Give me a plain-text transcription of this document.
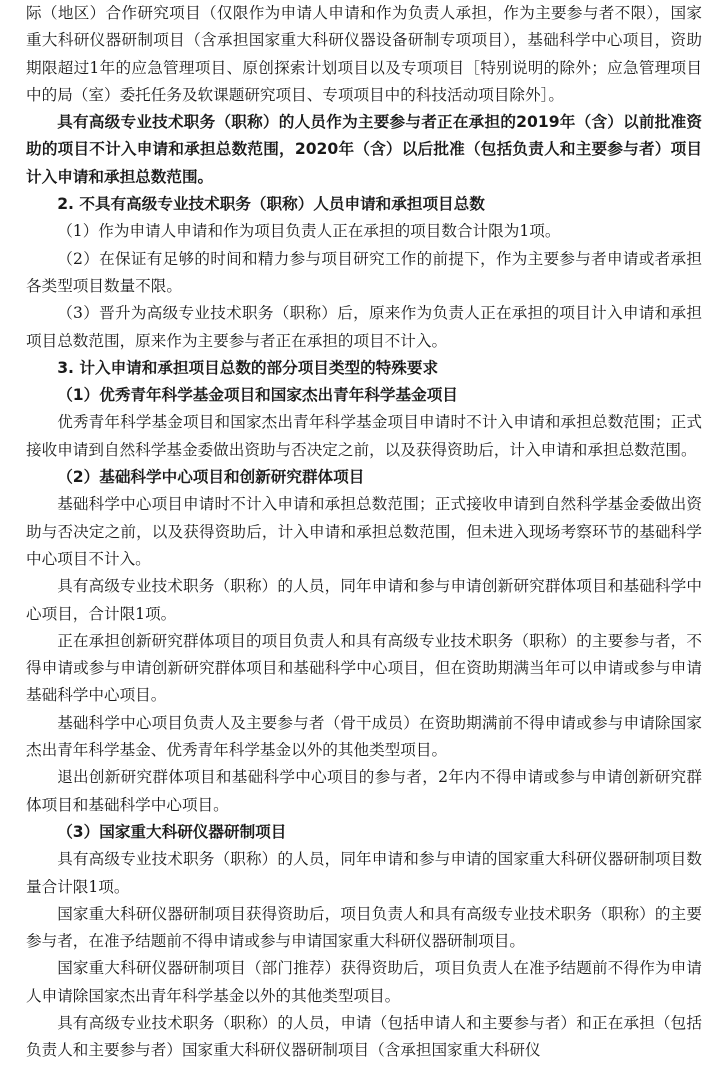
际（地区）合作研究项目（仅限作为申请人申请和作为负责人承担，作为主要参与者不限），国家重大科研仪器研制项目（含承担国家重大科研仪器设备研制专项项目），基础科学中心项目，资助期限超过1年的应急管理项目、原创探索计划项目以及专项项目［特别说明的除外；应急管理项目中的局（室）委托任务及软课题研究项目、专项项目中的科技活动项目除外］。

具有高级专业技术职务（职称）的人员作为主要参与者正在承担的2019年（含）以前批准资助的项目不计入申请和承担总数范围，2020年（含）以后批准（包括负责人和主要参与者）项目计入申请和承担总数范围。

2. 不具有高级专业技术职务（职称）人员申请和承担项目总数

（1）作为申请人申请和作为项目负责人正在承担的项目数合计限为1项。

（2）在保证有足够的时间和精力参与项目研究工作的前提下，作为主要参与者申请或者承担各类型项目数量不限。

（3）晋升为高级专业技术职务（职称）后，原来作为负责人正在承担的项目计入申请和承担项目总数范围，原来作为主要参与者正在承担的项目不计入。

3. 计入申请和承担项目总数的部分项目类型的特殊要求

（1）优秀青年科学基金项目和国家杰出青年科学基金项目

优秀青年科学基金项目和国家杰出青年科学基金项目申请时不计入申请和承担总数范围；正式接收申请到自然科学基金委做出资助与否决定之前，以及获得资助后，计入申请和承担总数范围。

（2）基础科学中心项目和创新研究群体项目

基础科学中心项目申请时不计入申请和承担总数范围；正式接收申请到自然科学基金委做出资助与否决定之前，以及获得资助后，计入申请和承担总数范围，但未进入现场考察环节的基础科学中心项目不计入。

具有高级专业技术职务（职称）的人员，同年申请和参与申请创新研究群体项目和基础科学中心项目，合计限1项。

正在承担创新研究群体项目的项目负责人和具有高级专业技术职务（职称）的主要参与者，不得申请或参与申请创新研究群体项目和基础科学中心项目，但在资助期满当年可以申请或参与申请基础科学中心项目。

基础科学中心项目负责人及主要参与者（骨干成员）在资助期满前不得申请或参与申请除国家杰出青年科学基金、优秀青年科学基金以外的其他类型项目。

退出创新研究群体项目和基础科学中心项目的参与者，2年内不得申请或参与申请创新研究群体项目和基础科学中心项目。

（3）国家重大科研仪器研制项目

具有高级专业技术职务（职称）的人员，同年申请和参与申请的国家重大科研仪器研制项目数量合计限1项。

国家重大科研仪器研制项目获得资助后，项目负责人和具有高级专业技术职务（职称）的主要参与者，在准予结题前不得申请或参与申请国家重大科研仪器研制项目。

国家重大科研仪器研制项目（部门推荐）获得资助后，项目负责人在准予结题前不得作为申请人申请除国家杰出青年科学基金以外的其他类型项目。

具有高级专业技术职务（职称）的人员，申请（包括申请人和主要参与者）和正在承担（包括负责人和主要参与者）国家重大科研仪器研制项目（含承担国家重大科研仪
